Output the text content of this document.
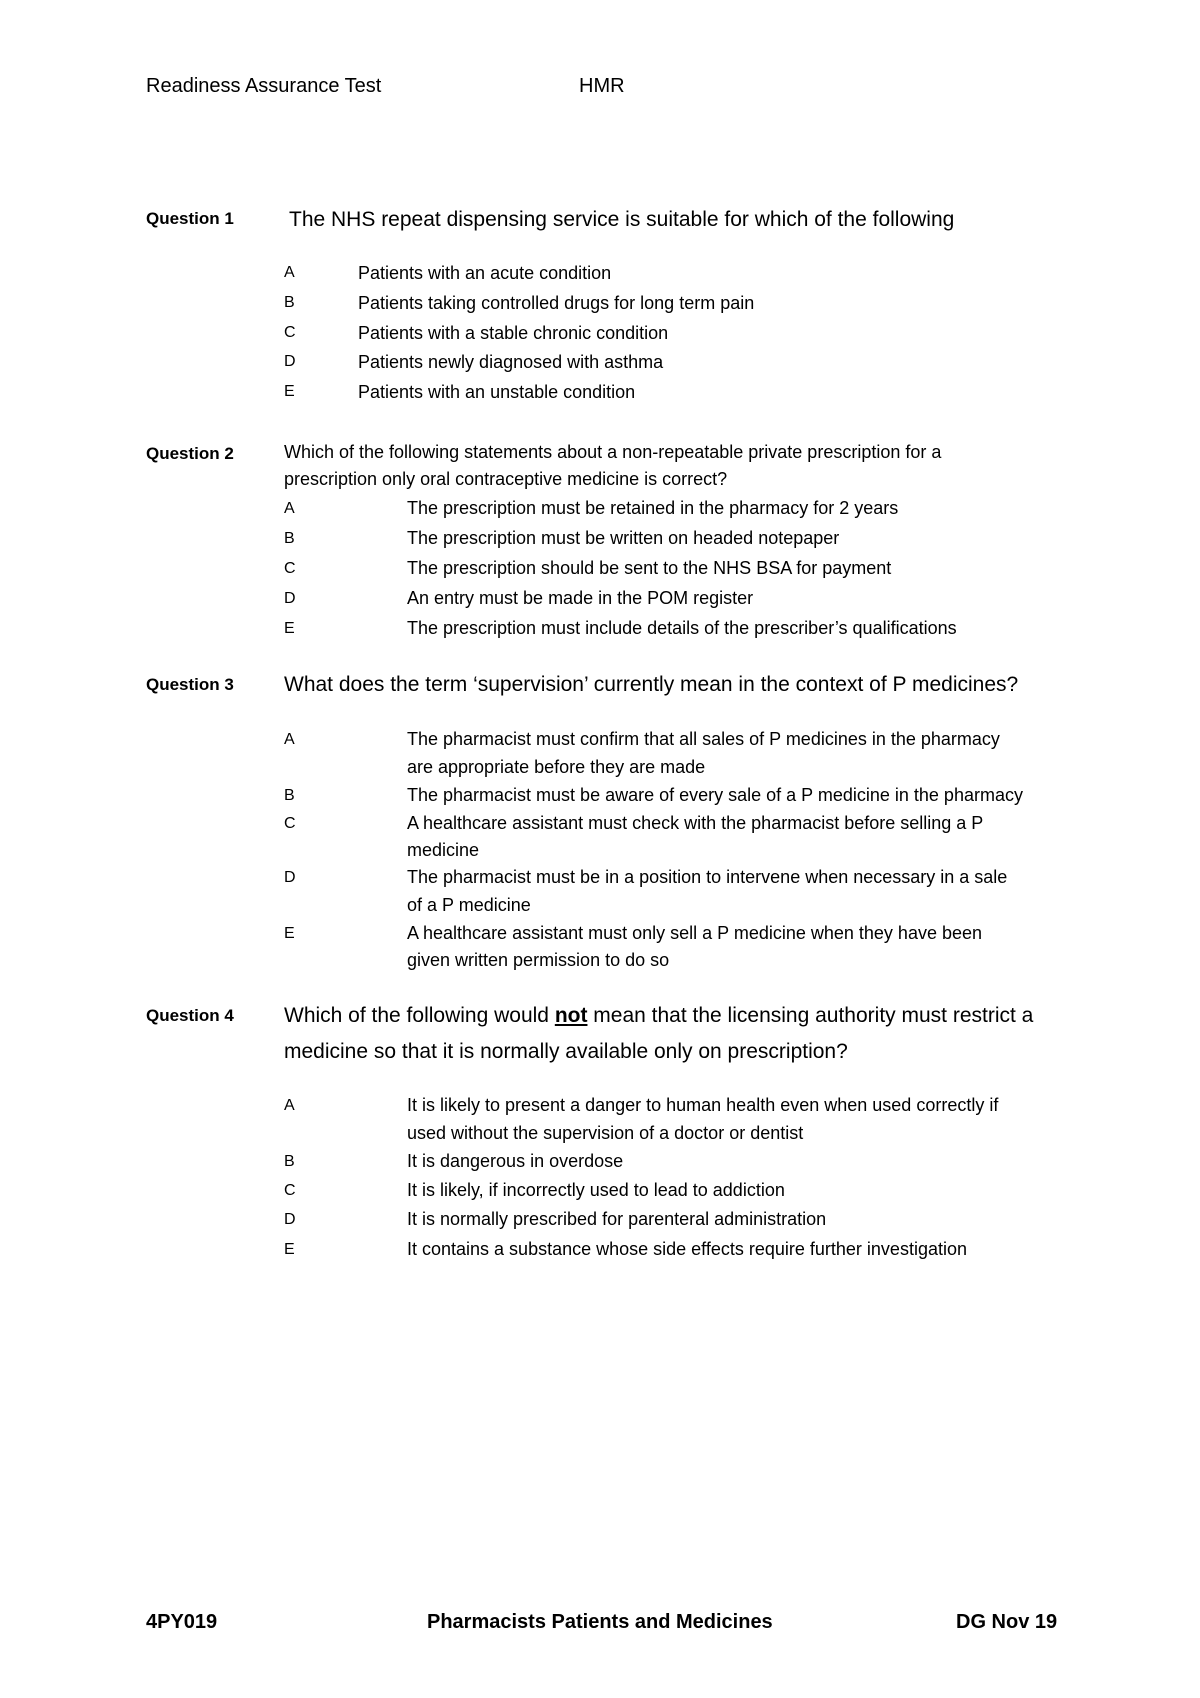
Readiness Assurance Test	HMR
Question 1	The NHS repeat dispensing service is suitable for which of the following
A	Patients with an acute condition
B	Patients taking controlled drugs for long term pain
C	Patients with a stable chronic condition
D	Patients newly diagnosed with asthma
E	Patients with an unstable condition
Question 2	Which of the following statements about a non-repeatable private prescription for a
prescription only oral contraceptive medicine is correct?
A	The prescription must be retained in the pharmacy for 2 years
B	The prescription must be written on headed notepaper
C	The prescription should be sent to the NHS BSA for payment
D	An entry must be made in the POM register
E	The prescription must include details of the prescriber’s qualifications
Question 3 What does the term ‘supervision’ currently mean in the context of P medicines?
A	The pharmacist must confirm that all sales of P medicines in the pharmacy
are appropriate before they are made
B	The pharmacist must be aware of every sale of a P medicine in the pharmacy
C	A healthcare assistant must check with the pharmacist before selling a P
medicine
D	The pharmacist must be in a position to intervene when necessary in a sale
of a P medicine
E	A healthcare assistant must only sell a P medicine when they have been
given written permission to do so
Question 4 Which of the following would not mean that the licensing authority must restrict a
medicine so that it is normally available only on prescription?
A	It is likely to present a danger to human health even when used correctly if
used without the supervision of a doctor or dentist
B	It is dangerous in overdose
C	It is likely, if incorrectly used to lead to addiction
D	It is normally prescribed for parenteral administration
E	It contains a substance whose side effects require further investigation
4PY019	Pharmacists Patients and Medicines	DG Nov 19
